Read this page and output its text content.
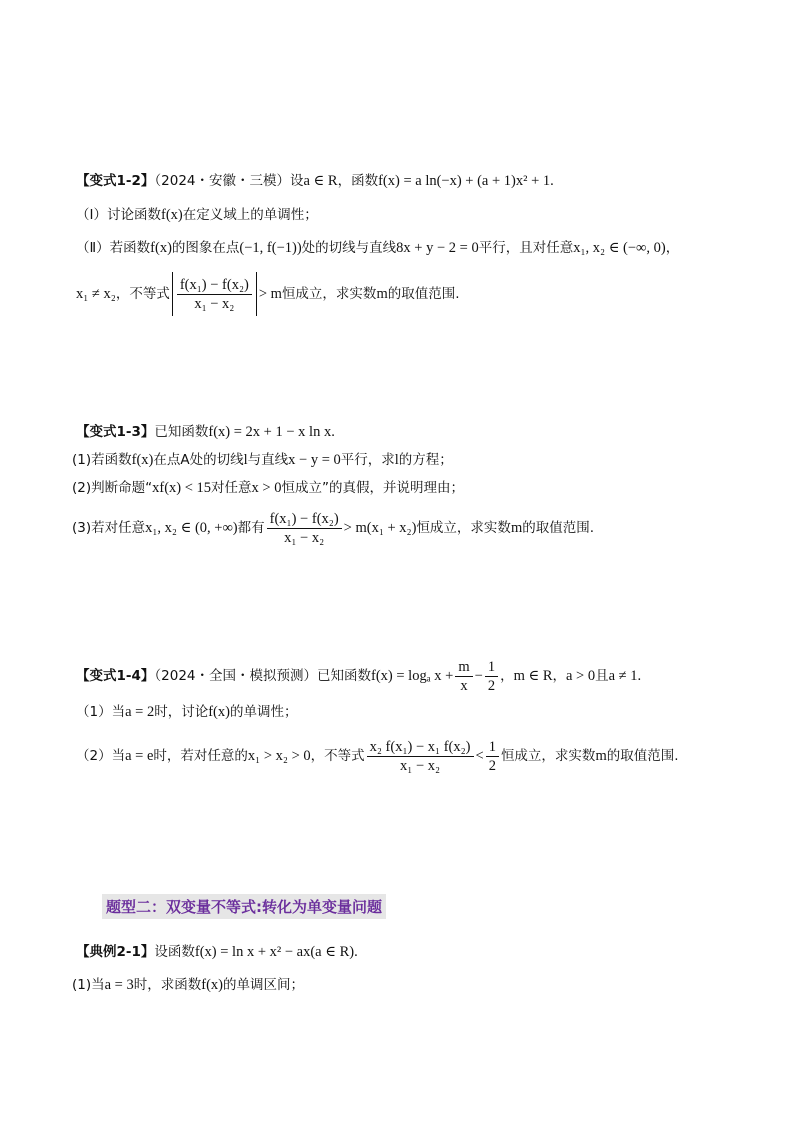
【变式1-2】（2024・安徽・三模）设a ∈ R，函数f(x) = a ln(−x) + (a + 1)x² + 1.
（Ⅰ）讨论函数f(x)在定义域上的单调性；
（Ⅱ）若函数f(x)的图象在点(−1, f(−1))处的切线与直线8x + y − 2 = 0平行，且对任意x₁, x₂ ∈ (−∞, 0)，
x₁ ≠ x₂，不等式 $\frac{\text{f(x₁) − f(x₂)}}{\text{x₁ − x₂}} > m$恒成立，求实数m的取值范围.
【变式1-3】已知函数f(x) = 2x + 1 − x ln x.
(1)若函数f(x)在点A处的切线l与直线x − y = 0平行，求l的方程；
(2)判断命题“xf(x) < 15对任意x > 0恒成立”的真假，并说明理由；
(3)若对任意x₁, x₂ ∈ (0, +∞)都有 $\frac{\text{f(x₁) − f(x₂)}}{\text{x₁ − x₂}} > m(x_1 + x_2)$恒成立，求实数m的取值范围.
【变式1-4】（2024・全国・模拟预测）已知函数f(x) = logₐ $x + \frac{m}{x} - \frac{1}{2}$ ，m ∈ R，a > 0且a ≠ 1.
（1）当a = 2时，讨论f(x)的单调性；
（2）当a = e时，若对任意的x₁ > x₂ > 0，不等式 $\frac{\text{x₂ f(x₁) − x₁ f(x₂)}}{\text{x₁ − x₂}} < \frac{1}{2}$ 恒成立，求实数m的取值范围.
题型二：双变量不等式:转化为单变量问题
【典例2-1】设函数f(x) = ln x + x² − ax(a ∈ R).
(1)当a = 3时，求函数f(x)的单调区间；
